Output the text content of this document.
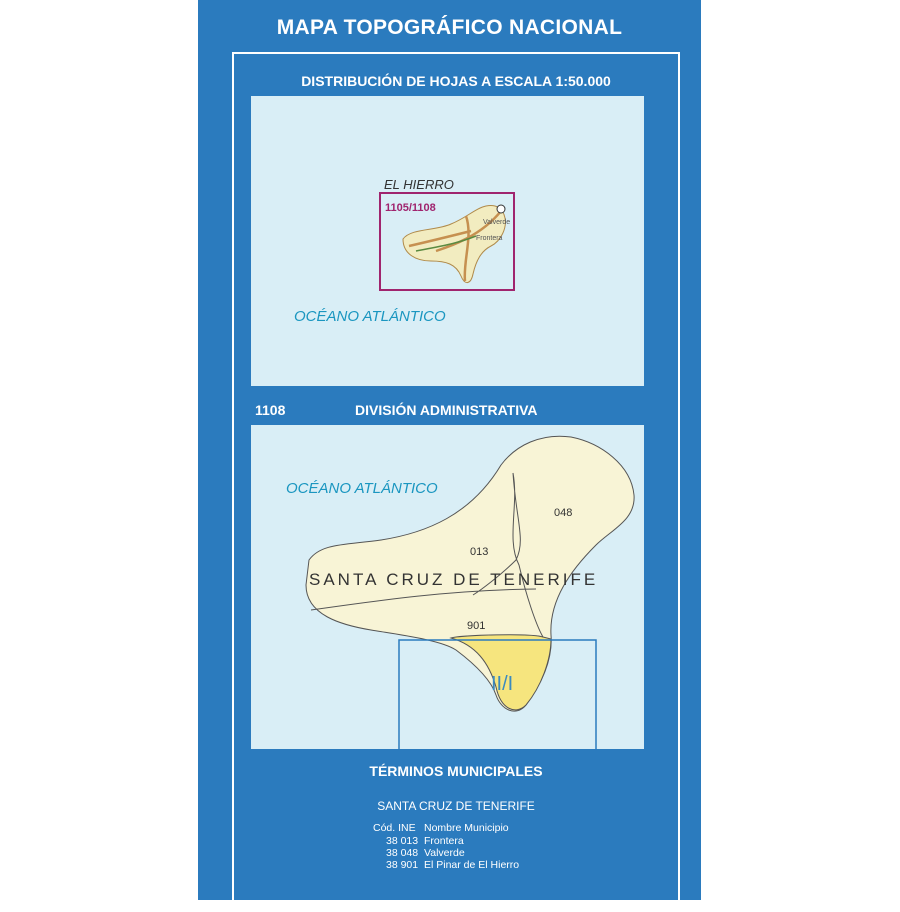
MAPA TOPOGRÁFICO NACIONAL
DISTRIBUCIÓN DE HOJAS A ESCALA 1:50.000
EL HIERRO
Valverde
Frontera
1105/1108
OCÉANO ATLÁNTICO
1108	DIVISIÓN ADMINISTRATIVA
OCÉANO ATLÁNTICO
SANTA CRUZ DE TENERIFE
048
013
901
II/I
TÉRMINOS MUNICIPALES
SANTA CRUZ DE TENERIFE
Cód. INE Nombre Municipio
38 013 Frontera
38 048 Valverde
38 901 El Pinar de El Hierro
